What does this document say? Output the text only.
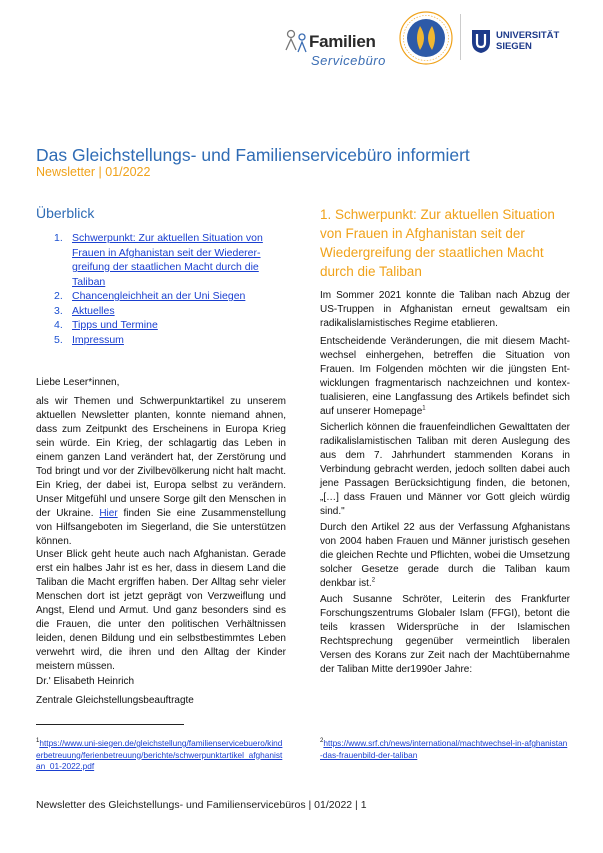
Familien
Servicebüro
UNIVERSITÄT
SIEGEN
Das Gleichstellungs- und Familienservicebüro informiert
Newsletter | 01/2022
Überblick
1. Schwerpunkt: Zur aktuellen Situation von Frauen in Afghanistan seit der Wiederergreifung der staatlichen Macht durch die Taliban
2. Chancengleichheit an der Uni Siegen
3. Aktuelles
4. Tipps und Termine
5. Impressum
Liebe Leser*innen,
als wir Themen und Schwerpunktartikel zu unserem aktuellen Newsletter planten, konnte niemand ahnen, dass zum Zeitpunkt des Erscheinens in Europa Krieg sein würde. Ein Krieg, der schlagartig das Leben in einem ganzen Land verändert hat, der Zerstörung und Tod bringt und vor der Zivilbevölkerung nicht halt macht. Ein Krieg, der dabei ist, Europa selbst zu verändern. Unser Mitgefühl und unsere Sorge gilt den Menschen in der Ukraine. Hier finden Sie eine Zusammenstellung von Hilfsangeboten im Siegerland, die Sie unterstützen können.
Unser Blick geht heute auch nach Afghanistan. Gerade erst ein halbes Jahr ist es her, dass in diesem Land die Taliban die Macht ergriffen haben. Der Alltag sehr vieler Menschen dort ist jetzt geprägt von Verzweiflung und Angst, Elend und Armut. Und ganz besonders sind es die Frauen, die unter den politischen Verhältnissen leiden, denen Bildung und ein selbstbestimmtes Leben verwehrt wird, die ihren und den Alltag der Kinder meistern müssen.
Dr.' Elisabeth Heinrich
Zentrale Gleichstellungsbeauftragte
$^1$https://www.uni-siegen.de/gleichstellung/familienservicebuero/kinderbetreuung/ferienbetreuung/berichte/schwerpunktartikel_afghanistan_01-2022.pdf
$^2$https://www.srf.ch/news/international/machtwechsel-in-afghanistan-das-frauenbild-der-taliban
1. Schwerpunkt: Zur aktuellen Situation von Frauen in Afghanistan seit der Wiedergreifung der staatlichen Macht durch die Taliban
Im Sommer 2021 konnte die Taliban nach Abzug der US-Truppen in Afghanistan erneut gewaltsam ein radikalislamistisches Regime etablieren.
Entscheidende Veränderungen, die mit diesem Machtwechsel einhergehen, betreffen die Situation von Frauen. Im Folgenden möchten wir die jüngsten Entwicklungen fragmentarisch nachzeichnen und kontextualisieren, eine Langfassung des Artikels befindet sich auf unserer Homepage$^1$
Sicherlich können die frauenfeindlichen Gewalttaten der radikalislamistischen Taliban mit deren Auslegung des aus dem 7. Jahrhundert stammenden Korans in Verbindung gebracht werden, jedoch sollten dabei auch jene Passagen Berücksichtigung finden, die betonen, „[…] dass Frauen und Männer vor Gott gleich würdig sind."
Durch den Artikel 22 aus der Verfassung Afghanistans von 2004 haben Frauen und Männer juristisch gesehen die gleichen Rechte und Pflichten, wobei die Umsetzung solcher Gesetze gerade durch die Taliban kaum denkbar ist.$^2$
Auch Susanne Schröter, Leiterin des Frankfurter Forschungszentrums Globaler Islam (FFGI), betont die teils krassen Widersprüche in der Islamischen Rechtsprechung gegenüber vermeintlich liberalen Versen des Korans zur Zeit nach der Machtübernahme der Taliban Mitte der1990er Jahre:
Newsletter des Gleichstellungs- und Familienservicebüros | 01/2022 | 1
